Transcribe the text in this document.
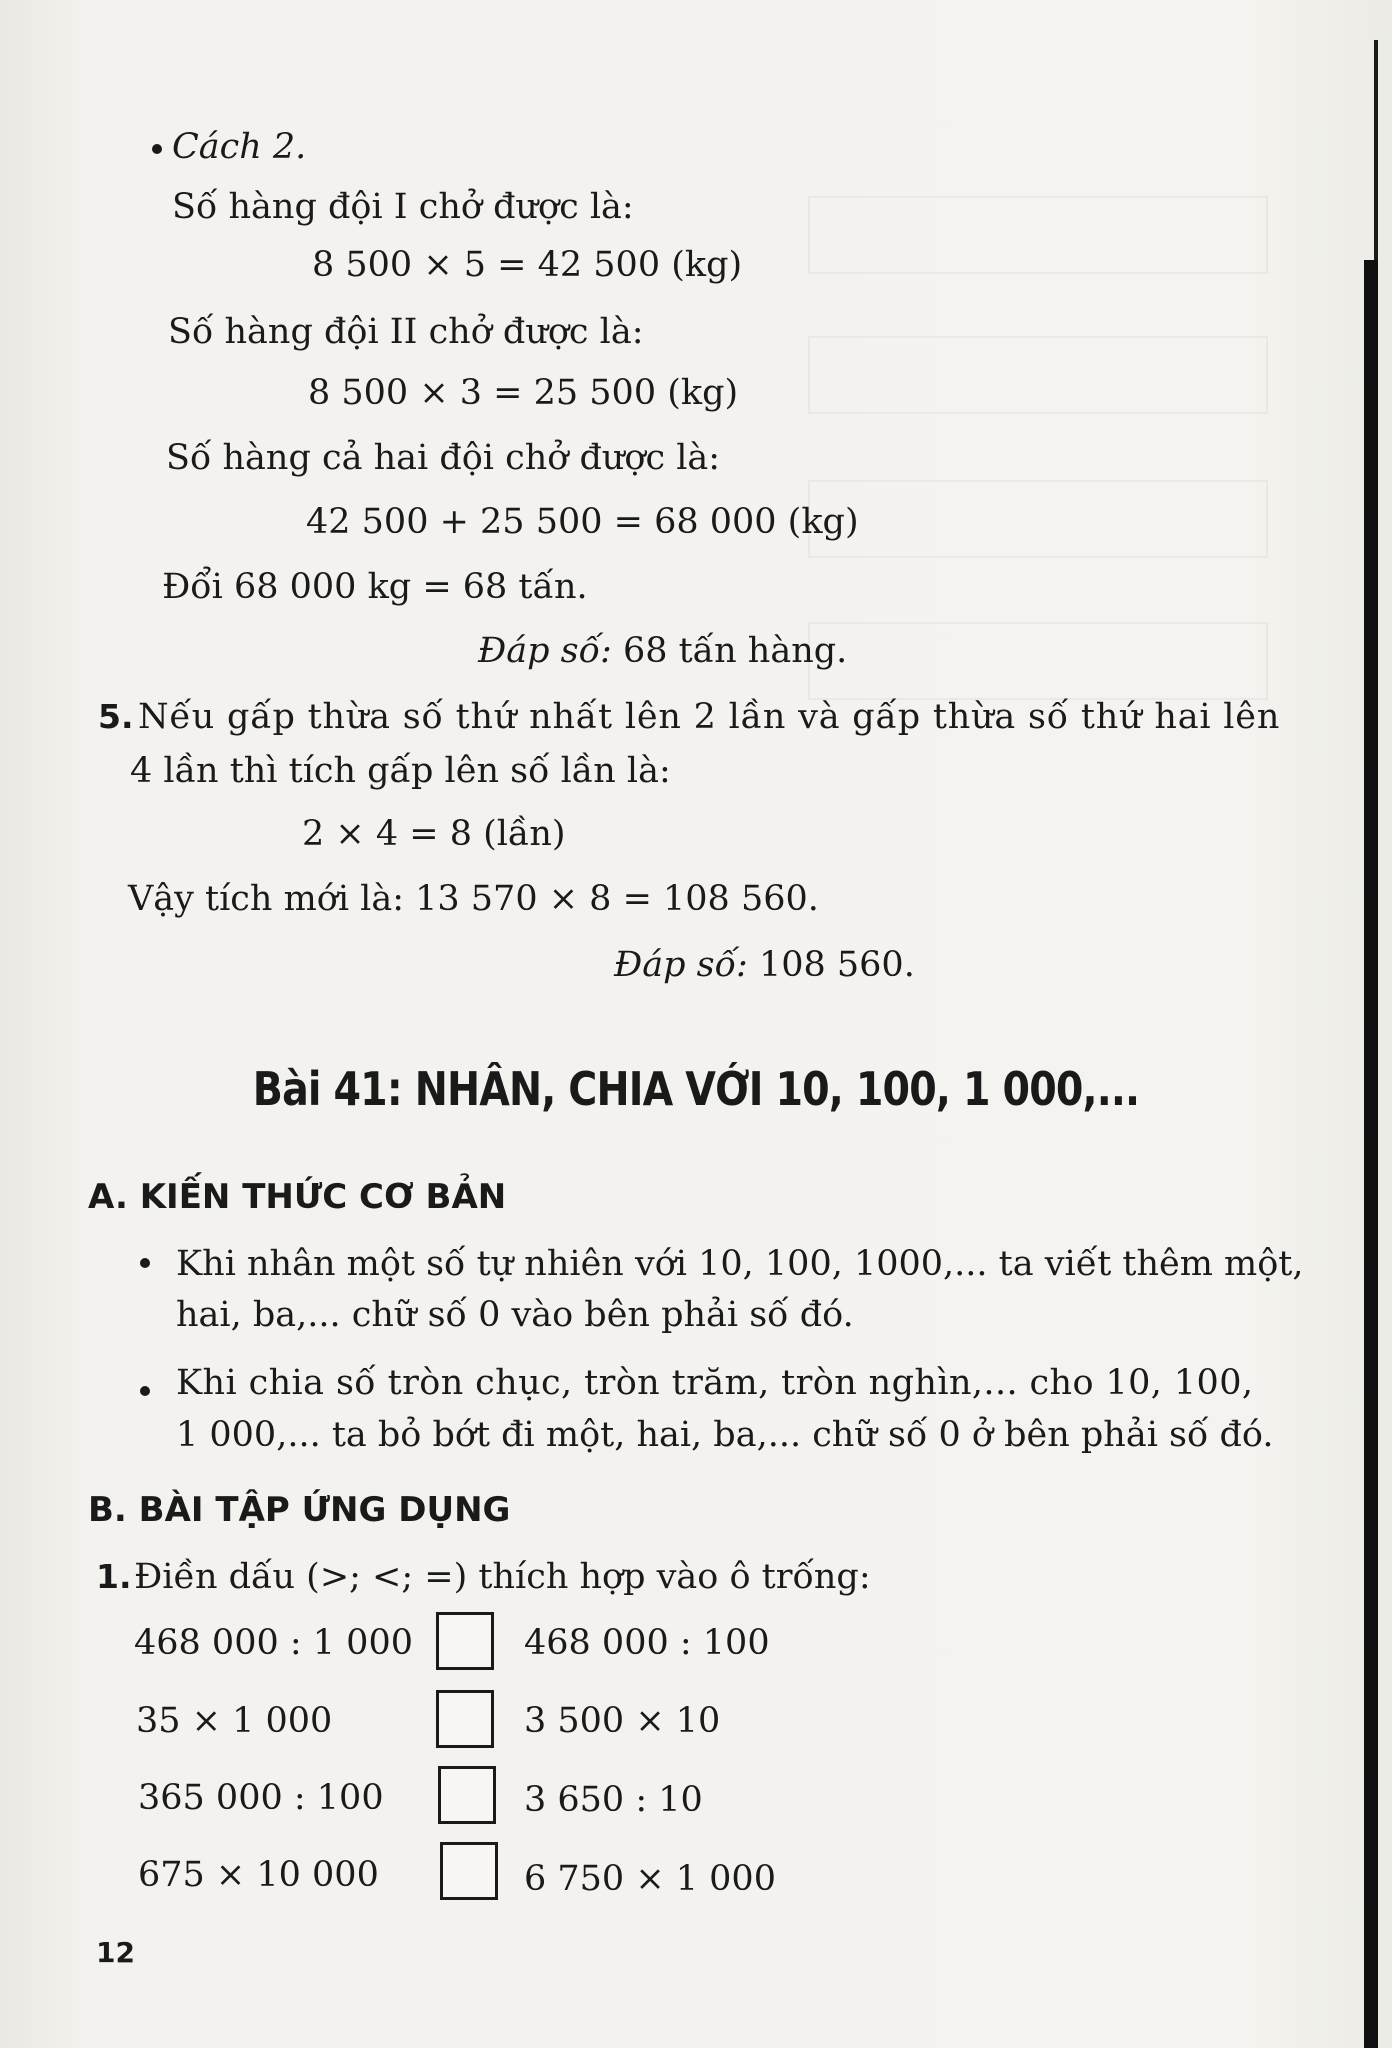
Cách 2.
Số hàng đội I chở được là:
8 500 × 5 = 42 500 (kg)
Số hàng đội II chở được là:
8 500 × 3 = 25 500 (kg)
Số hàng cả hai đội chở được là:
42 500 + 25 500 = 68 000 (kg)
Đổi 68 000 kg = 68 tấn.
Đáp số: 68 tấn hàng.
5. Nếu gấp thừa số thứ nhất lên 2 lần và gấp thừa số thứ hai lên
4 lần thì tích gấp lên số lần là:
2 × 4 = 8 (lần)
Vậy tích mới là: 13 570 × 8 = 108 560.
Đáp số: 108 560.
Bài 41: NHÂN, CHIA VỚI 10, 100, 1 000,...
A. KIẾN THỨC CƠ BẢN
Khi nhân một số tự nhiên với 10, 100, 1000,... ta viết thêm một,
hai, ba,... chữ số 0 vào bên phải số đó.
Khi chia số tròn chục, tròn trăm, tròn nghìn,... cho 10, 100,
1 000,... ta bỏ bớt đi một, hai, ba,... chữ số 0 ở bên phải số đó.
B. BÀI TẬP ỨNG DỤNG
1. Điền dấu (>; <; =) thích hợp vào ô trống:
468 000 : 1 000	468 000 : 100
35 × 1 000	3 500 × 10
365 000 : 100	3 650 : 10
675 × 10 000	6 750 × 1 000
12
